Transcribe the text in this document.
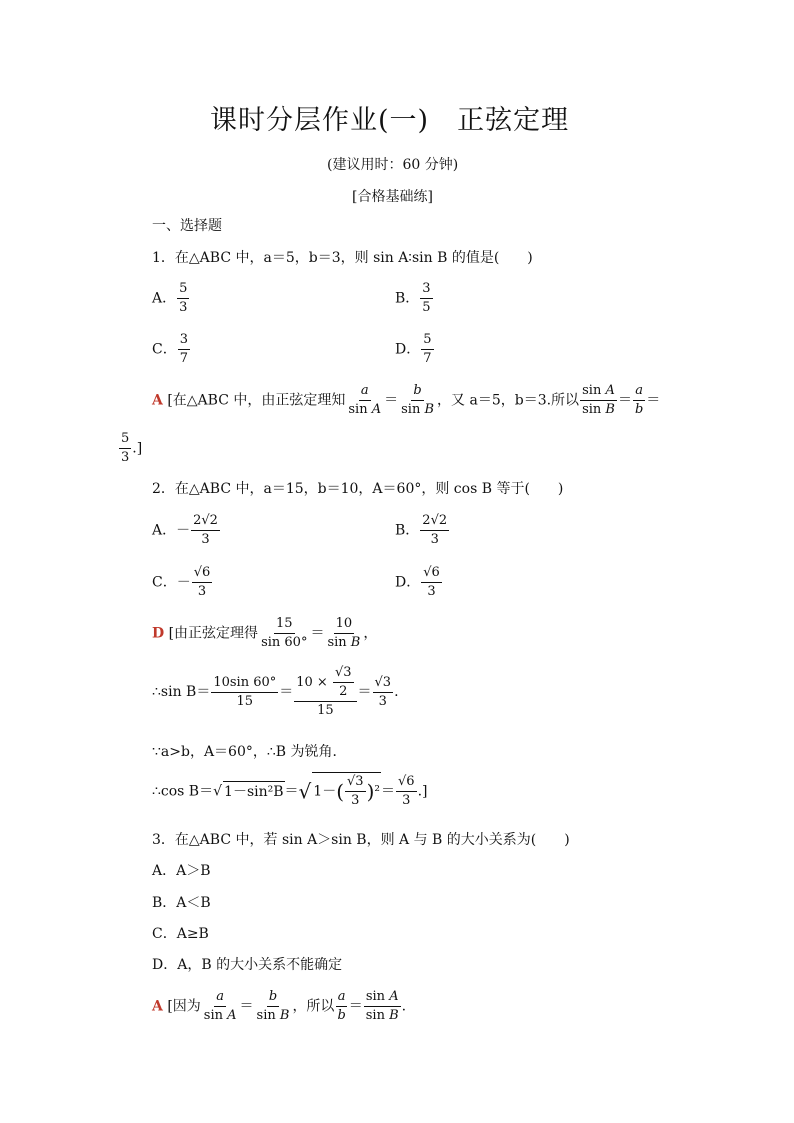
课时分层作业(一)　正弦定理
(建议用时：60 分钟)
[合格基础练]
一、选择题
1．在△ABC 中，a＝5，b＝3，则 sin A∶sin B 的值是(　　)
A． $\frac{5}{3}$	B． $\frac{3}{5}$
C． $\frac{3}{7}$	D． $\frac{5}{7}$
A [在△ABC 中，由正弦定理知 $\frac{a}{\text{sin A}} = \frac{b}{\text{sin B}}$ ，又 a＝5，b＝3.所以 $\frac{\text{sin A}}{\text{sin B}} = \frac{a}{b}$ ＝
$\frac{5}{3}$ .]
2．在△ABC 中，a＝15，b＝10，A＝60°，则 cos B 等于(　　)
A．－ $\frac{2√2}{3}$	B． $\frac{2√2}{3}$
C．－ $\frac{√6}{3}$	D． $\frac{√6}{3}$
D [由正弦定理得 $\frac{15}{\sin 60^\circ} = \frac{10}{\text{sin B}}$ ，
∴sin $B= \frac{10\sin 60^\circ}{15} = \frac{10 \times \frac{√3}{2}}{15} = \frac{√3}{3}$ .
∵a>b，A＝60°，∴B 为锐角．
∴cos B＝√ 1－sin²B＝√ $1-( \frac{√3}{3} )^2= \frac{√6}{3}$ .]
3．在△ABC 中，若 sin A＞sin B，则 A 与 B 的大小关系为(　　)
A．A＞B
B．A＜B
C．A≥B
D．A，B 的大小关系不能确定
A [因为 $\frac{a}{\text{sin A}} = \frac{b}{\text{sin B}}$ ，所以 $\frac{a}{b} = \frac{\text{sin A}}{\text{sin B}}$ .
